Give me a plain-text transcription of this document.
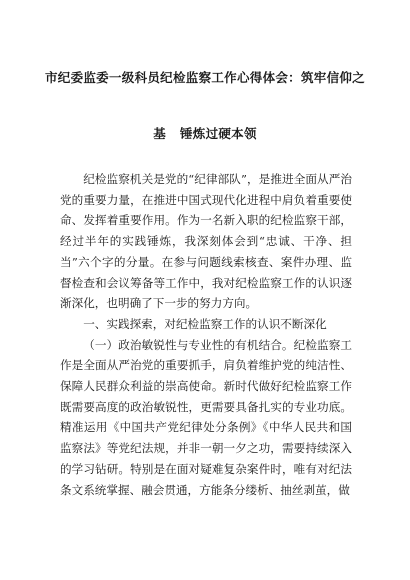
市纪委监委一级科员纪检监察工作心得体会：筑牢信仰之
基   锤炼过硬本领

纪检监察机关是党的“纪律部队”，是推进全面从严治党的重要力量，在推进中国式现代化进程中肩负着重要使命、发挥着重要作用。作为一名新入职的纪检监察干部，经过半年的实践锤炼，我深刻体会到“忠诚、干净、担当”六个字的分量。在参与问题线索核查、案件办理、监督检查和会议筹备等工作中，我对纪检监察工作的认识逐渐深化，也明确了下一步的努力方向。

一、实践探索，对纪检监察工作的认识不断深化

（一）政治敏锐性与专业性的有机结合。纪检监察工作是全面从严治党的重要抓手，肩负着维护党的纯洁性、保障人民群众利益的崇高使命。新时代做好纪检监察工作既需要高度的政治敏锐性，更需要具备扎实的专业功底。精准运用《中国共产党纪律处分条例》《中华人民共和国监察法》等党纪法规，并非一朝一夕之功，需要持续深入的学习钻研。特别是在面对疑难复杂案件时，唯有对纪法条文系统掌握、融会贯通，方能条分缕析、抽丝剥茧，做
